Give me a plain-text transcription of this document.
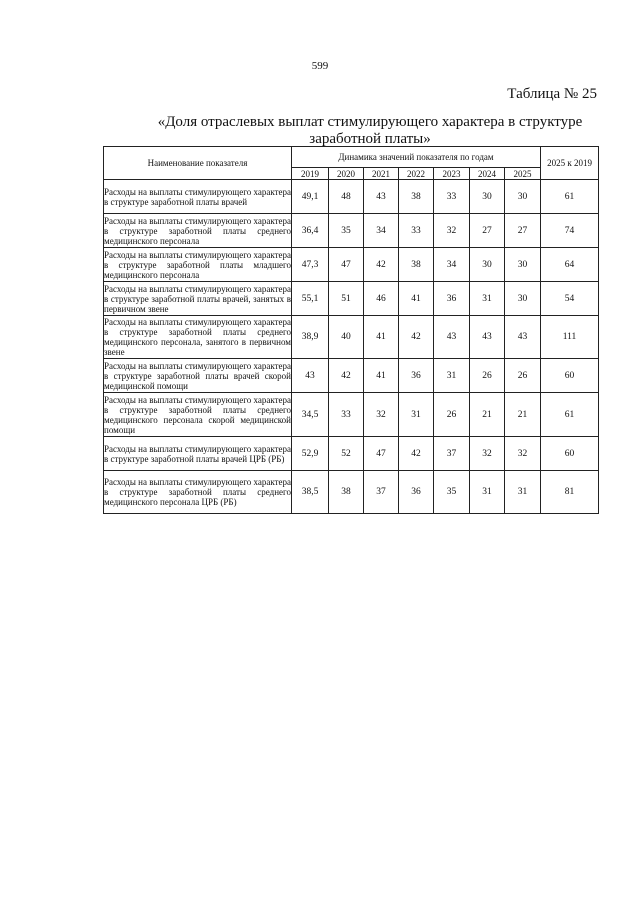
599
Таблица № 25
«Доля отраслевых выплат стимулирующего характера в структуре
заработной платы»
Наименование показателя	Динамика значений показателя по годам							2025 к 2019
	2019	2020	2021	2022	2023	2024	2025	
Расходы на выплаты стимулирующего характера в структуре заработной платы врачей	49,1	48	43	38	33	30	30	61
Расходы на выплаты стимулирующего характера в структуре заработной платы среднего медицинского персонала	36,4	35	34	33	32	27	27	74
Расходы на выплаты стимулирующего характера в структуре заработной платы младшего медицинского персонала	47,3	47	42	38	34	30	30	64
Расходы на выплаты стимулирующего характера в структуре заработной платы врачей, занятых в первичном звене	55,1	51	46	41	36	31	30	54
Расходы на выплаты стимулирующего характера в структуре заработной платы среднего медицинского персонала, занятого в первичном звене	38,9	40	41	42	43	43	43	111
Расходы на выплаты стимулирующего характера в структуре заработной платы врачей скорой медицинской помощи	43	42	41	36	31	26	26	60
Расходы на выплаты стимулирующего характера в структуре заработной платы среднего медицинского персонала скорой медицинской помощи	34,5	33	32	31	26	21	21	61
Расходы на выплаты стимулирующего характера в структуре заработной платы врачей ЦРБ (РБ)	52,9	52	47	42	37	32	32	60
Расходы на выплаты стимулирующего характера в структуре заработной платы среднего медицинского персонала ЦРБ (РБ)	38,5	38	37	36	35	31	31	81
